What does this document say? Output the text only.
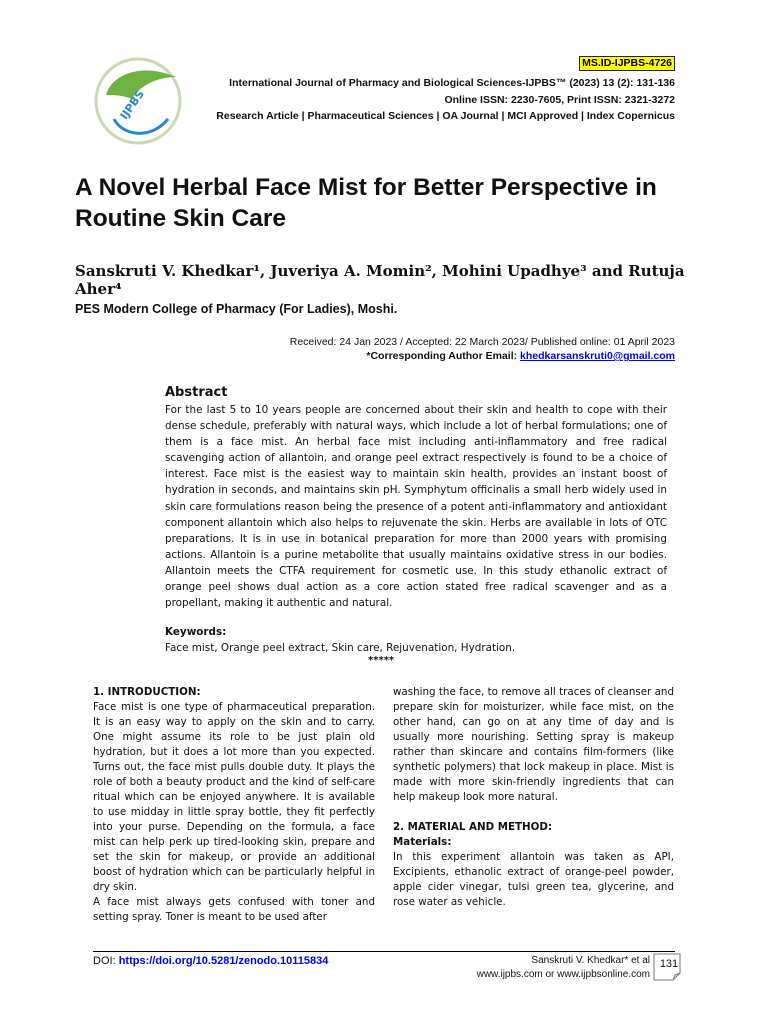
IJPBS
MS.ID-IJPBS-4726
International Journal of Pharmacy and Biological Sciences-IJPBS™ (2023) 13 (2): 131-136
Online ISSN: 2230-7605, Print ISSN: 2321-3272
Research Article | Pharmaceutical Sciences | OA Journal | MCI Approved | Index Copernicus
A Novel Herbal Face Mist for Better Perspective in Routine Skin Care
Sanskruti V. Khedkar¹, Juveriya A. Momin², Mohini Upadhye³ and Rutuja Aher⁴
PES Modern College of Pharmacy (For Ladies), Moshi.
Received: 24 Jan 2023 / Accepted: 22 March 2023/ Published online: 01 April 2023
*Corresponding Author Email: khedkarsanskruti0@gmail.com
Abstract
For the last 5 to 10 years people are concerned about their skin and health to cope with their dense schedule, preferably with natural ways, which include a lot of herbal formulations; one of them is a face mist. An herbal face mist including anti-inflammatory and free radical scavenging action of allantoin, and orange peel extract respectively is found to be a choice of interest. Face mist is the easiest way to maintain skin health, provides an instant boost of hydration in seconds, and maintains skin pH. Symphytum officinalis a small herb widely used in skin care formulations reason being the presence of a potent anti-inflammatory and antioxidant component allantoin which also helps to rejuvenate the skin. Herbs are available in lots of OTC preparations. It is in use in botanical preparation for more than 2000 years with promising actions. Allantoin is a purine metabolite that usually maintains oxidative stress in our bodies. Allantoin meets the CTFA requirement for cosmetic use. In this study ethanolic extract of orange peel shows dual action as a core action stated free radical scavenger and as a propellant, making it authentic and natural.
Keywords:
Face mist, Orange peel extract, Skin care, Rejuvenation, Hydration.
*****

1. INTRODUCTION:

Face mist is one type of pharmaceutical preparation. It is an easy way to apply on the skin and to carry. One might assume its role to be just plain old hydration, but it does a lot more than you expected. Turns out, the face mist pulls double duty. It plays the role of both a beauty product and the kind of self-care ritual which can be enjoyed anywhere. It is available to use midday in little spray bottle, they fit perfectly into your purse. Depending on the formula, a face mist can help perk up tired-looking skin, prepare and set the skin for makeup, or provide an additional boost of hydration which can be particularly helpful in dry skin.

A face mist always gets confused with toner and setting spray. Toner is meant to be used after

washing the face, to remove all traces of cleanser and prepare skin for moisturizer, while face mist, on the other hand, can go on at any time of day and is usually more nourishing. Setting spray is makeup rather than skincare and contains film-formers (like synthetic polymers) that lock makeup in place. Mist is made with more skin-friendly ingredients that can help makeup look more natural.

2. MATERIAL AND METHOD:

Materials:

In this experiment allantoin was taken as API, Excipients, ethanolic extract of orange-peel powder, apple cider vinegar, tulsi green tea, glycerine, and rose water as vehicle.

DOI: https://doi.org/10.5281/zenodo.10115834	Sanskruti V. Khedkar* et al
www.ijpbs.com or www.ijpbsonline.com
131
